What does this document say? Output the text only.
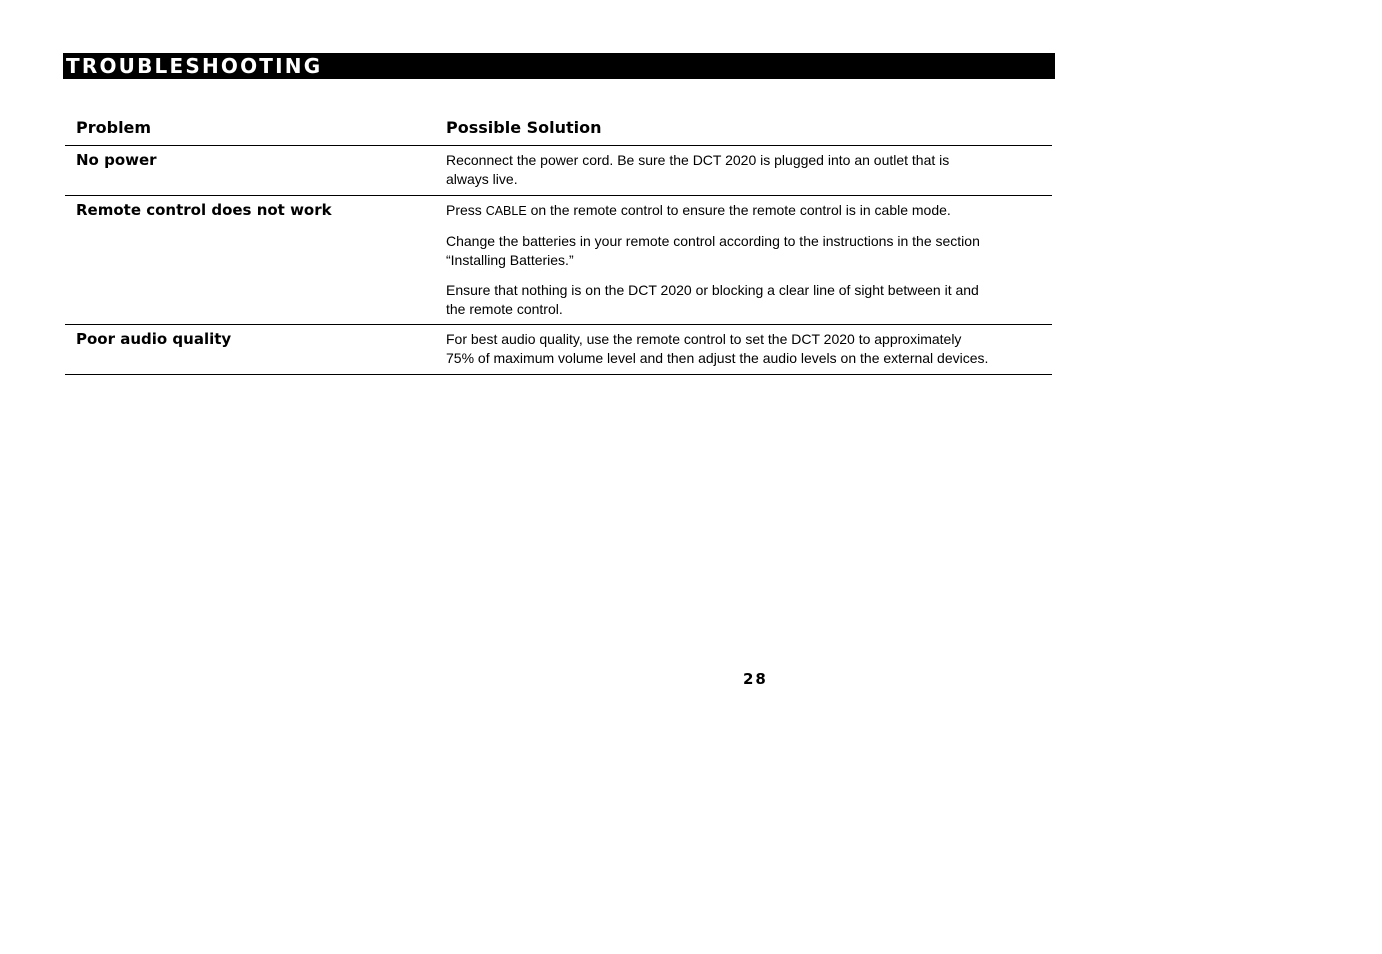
TROUBLESHOOTING
Problem	Possible Solution
No power	Reconnect the power cord. Be sure the DCT 2020 is plugged into an outlet that is
always live.
Remote control does not work	Press CABLE on the remote control to ensure the remote control is in cable mode.
Change the batteries in your remote control according to the instructions in the section
“Installing Batteries.”
Ensure that nothing is on the DCT 2020 or blocking a clear line of sight between it and
the remote control.
Poor audio quality	For best audio quality, use the remote control to set the DCT 2020 to approximately
75% of maximum volume level and then adjust the audio levels on the external devices.
28
